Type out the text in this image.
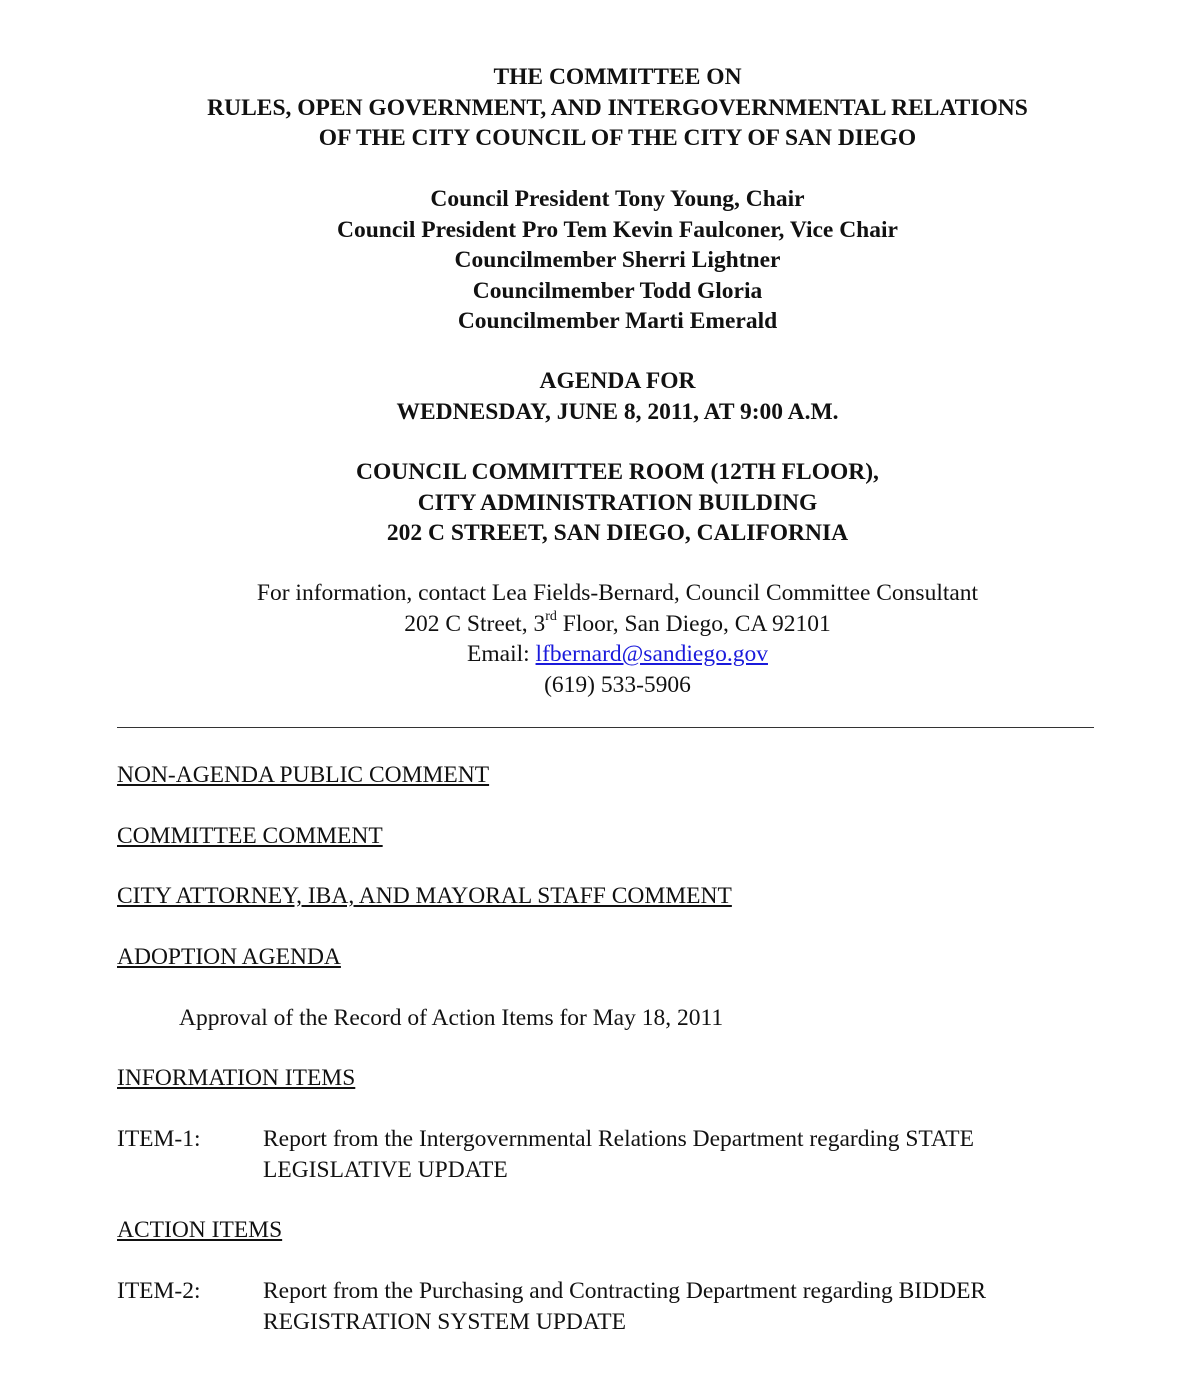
THE COMMITTEE ON
RULES, OPEN GOVERNMENT, AND INTERGOVERNMENTAL RELATIONS
OF THE CITY COUNCIL OF THE CITY OF SAN DIEGO
Council President Tony Young, Chair
Council President Pro Tem Kevin Faulconer, Vice Chair
Councilmember Sherri Lightner
Councilmember Todd Gloria
Councilmember Marti Emerald
AGENDA FOR
WEDNESDAY, JUNE 8, 2011, AT 9:00 A.M.
COUNCIL COMMITTEE ROOM (12TH FLOOR),
CITY ADMINISTRATION BUILDING
202 C STREET, SAN DIEGO, CALIFORNIA
For information, contact Lea Fields-Bernard, Council Committee Consultant
202 C Street, 3rd Floor, San Diego, CA 92101
Email: lfbernard@sandiego.gov
(619) 533-5906
NON-AGENDA PUBLIC COMMENT
COMMITTEE COMMENT
CITY ATTORNEY, IBA, AND MAYORAL STAFF COMMENT
ADOPTION AGENDA
Approval of the Record of Action Items for May 18, 2011
INFORMATION ITEMS
ITEM-1:	Report from the Intergovernmental Relations Department regarding STATE LEGISLATIVE UPDATE
ACTION ITEMS
ITEM-2:	Report from the Purchasing and Contracting Department regarding BIDDER REGISTRATION SYSTEM UPDATE
